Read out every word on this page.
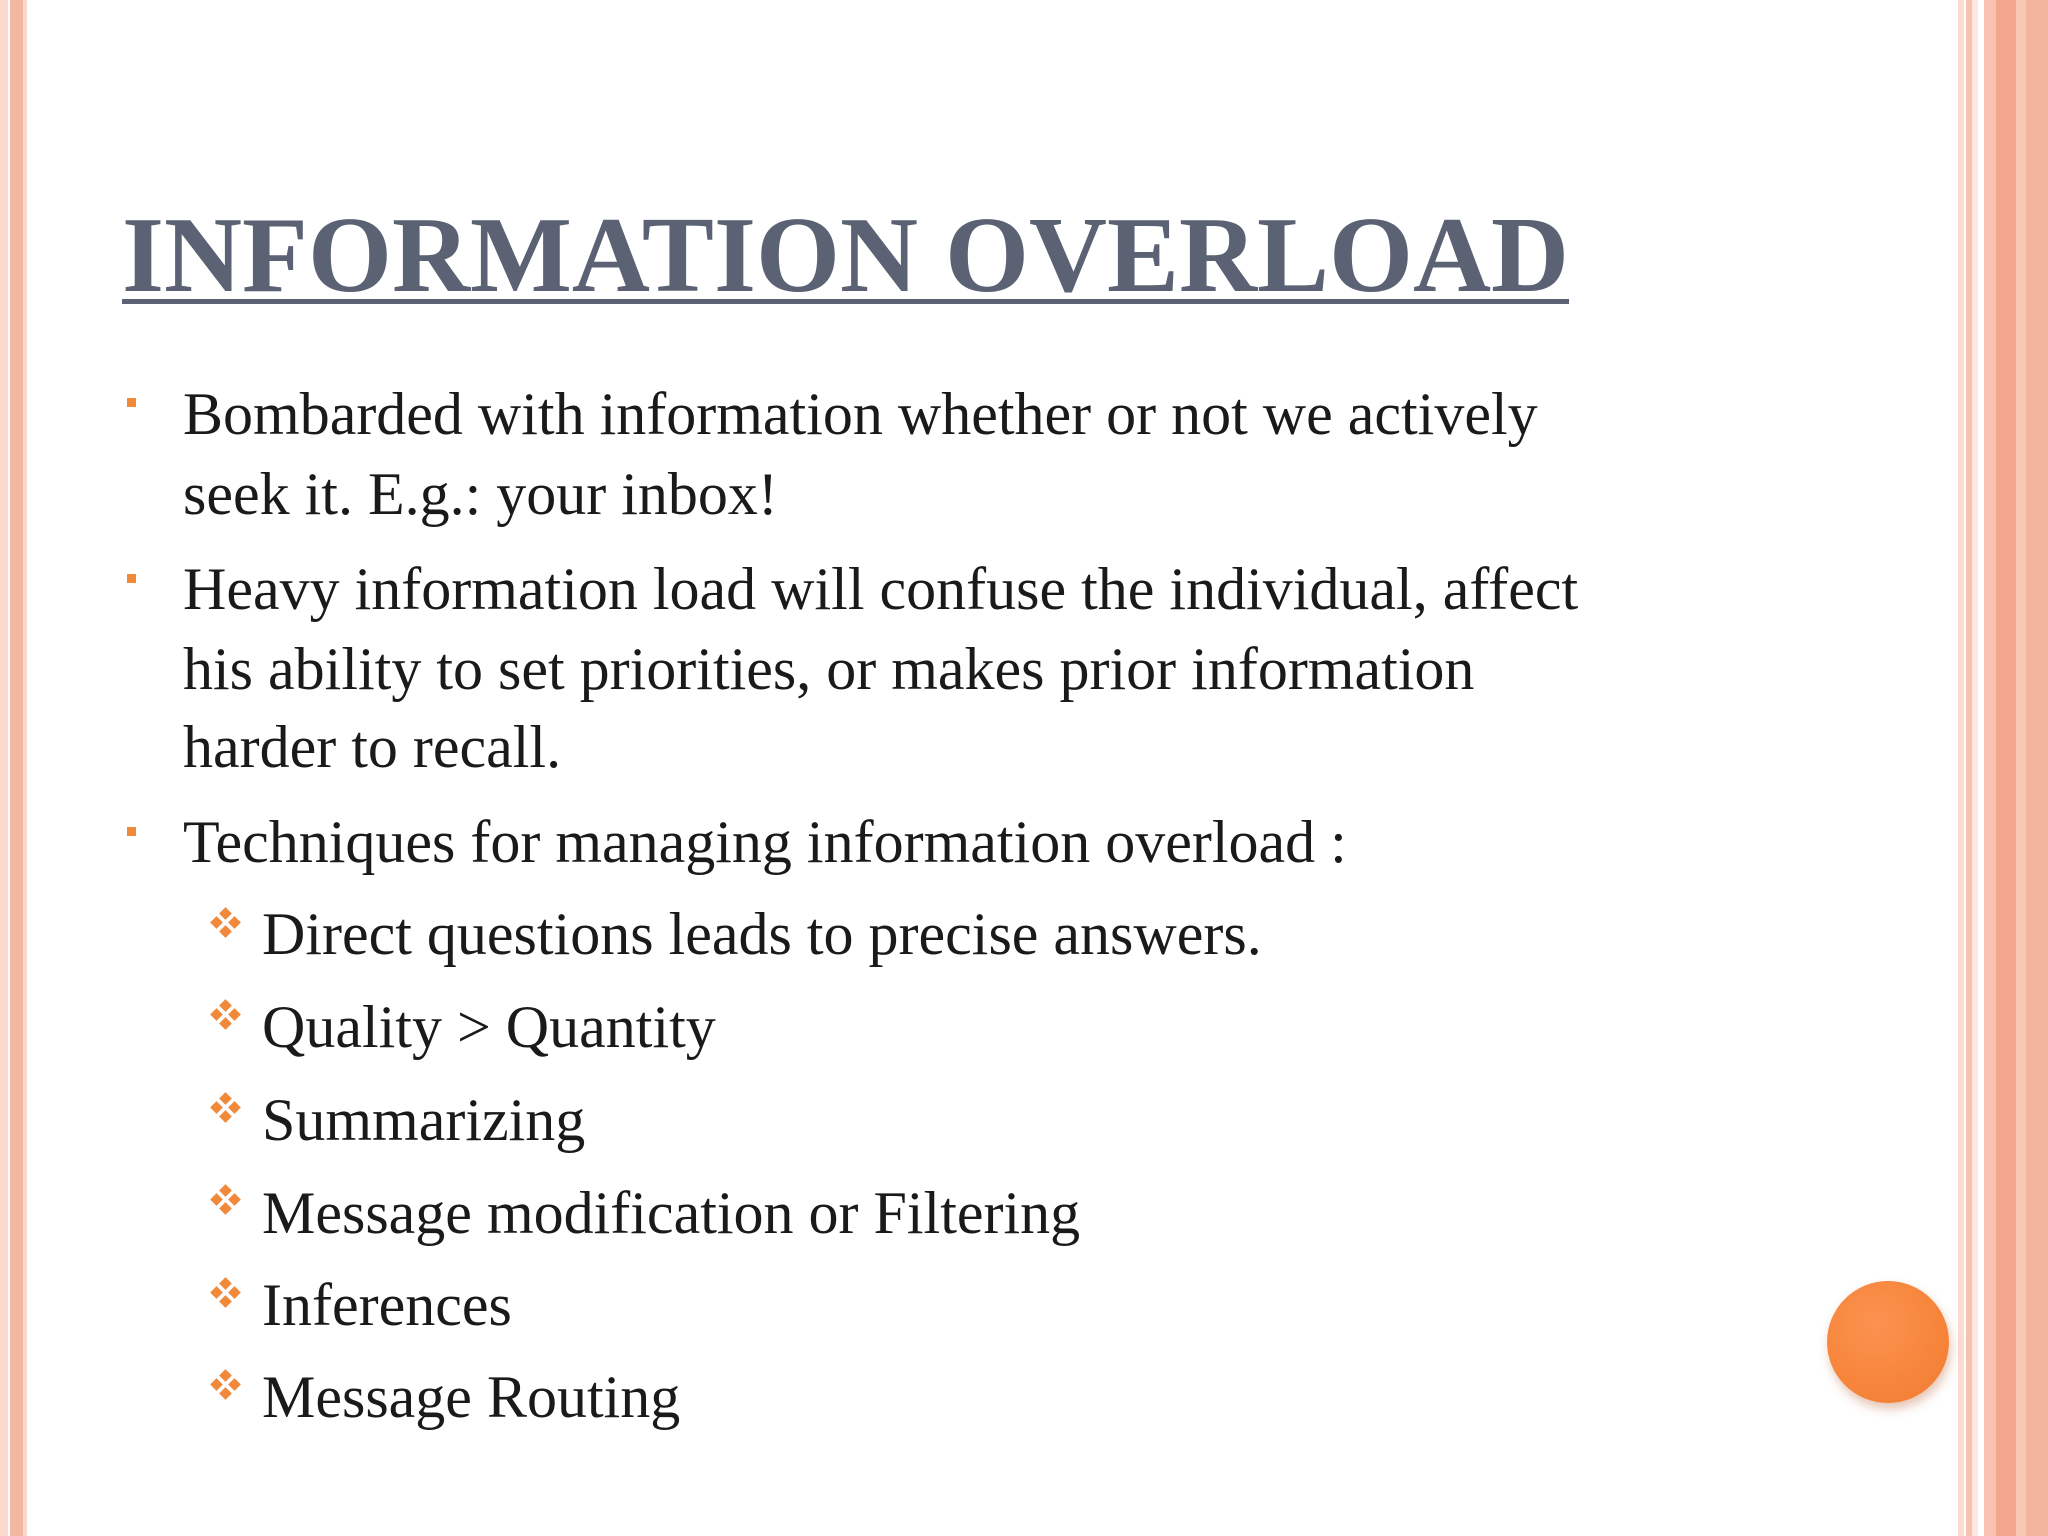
INFORMATION OVERLOAD

Bombarded with information whether or not we actively

seek it. E.g.: your inbox!

Heavy information load will confuse the individual, affect

his ability to set priorities, or makes prior information

harder to recall.

Techniques for managing information overload :

Direct questions leads to precise answers.

Quality > Quantity

Summarizing

Message modification or Filtering

Inferences

Message Routing
